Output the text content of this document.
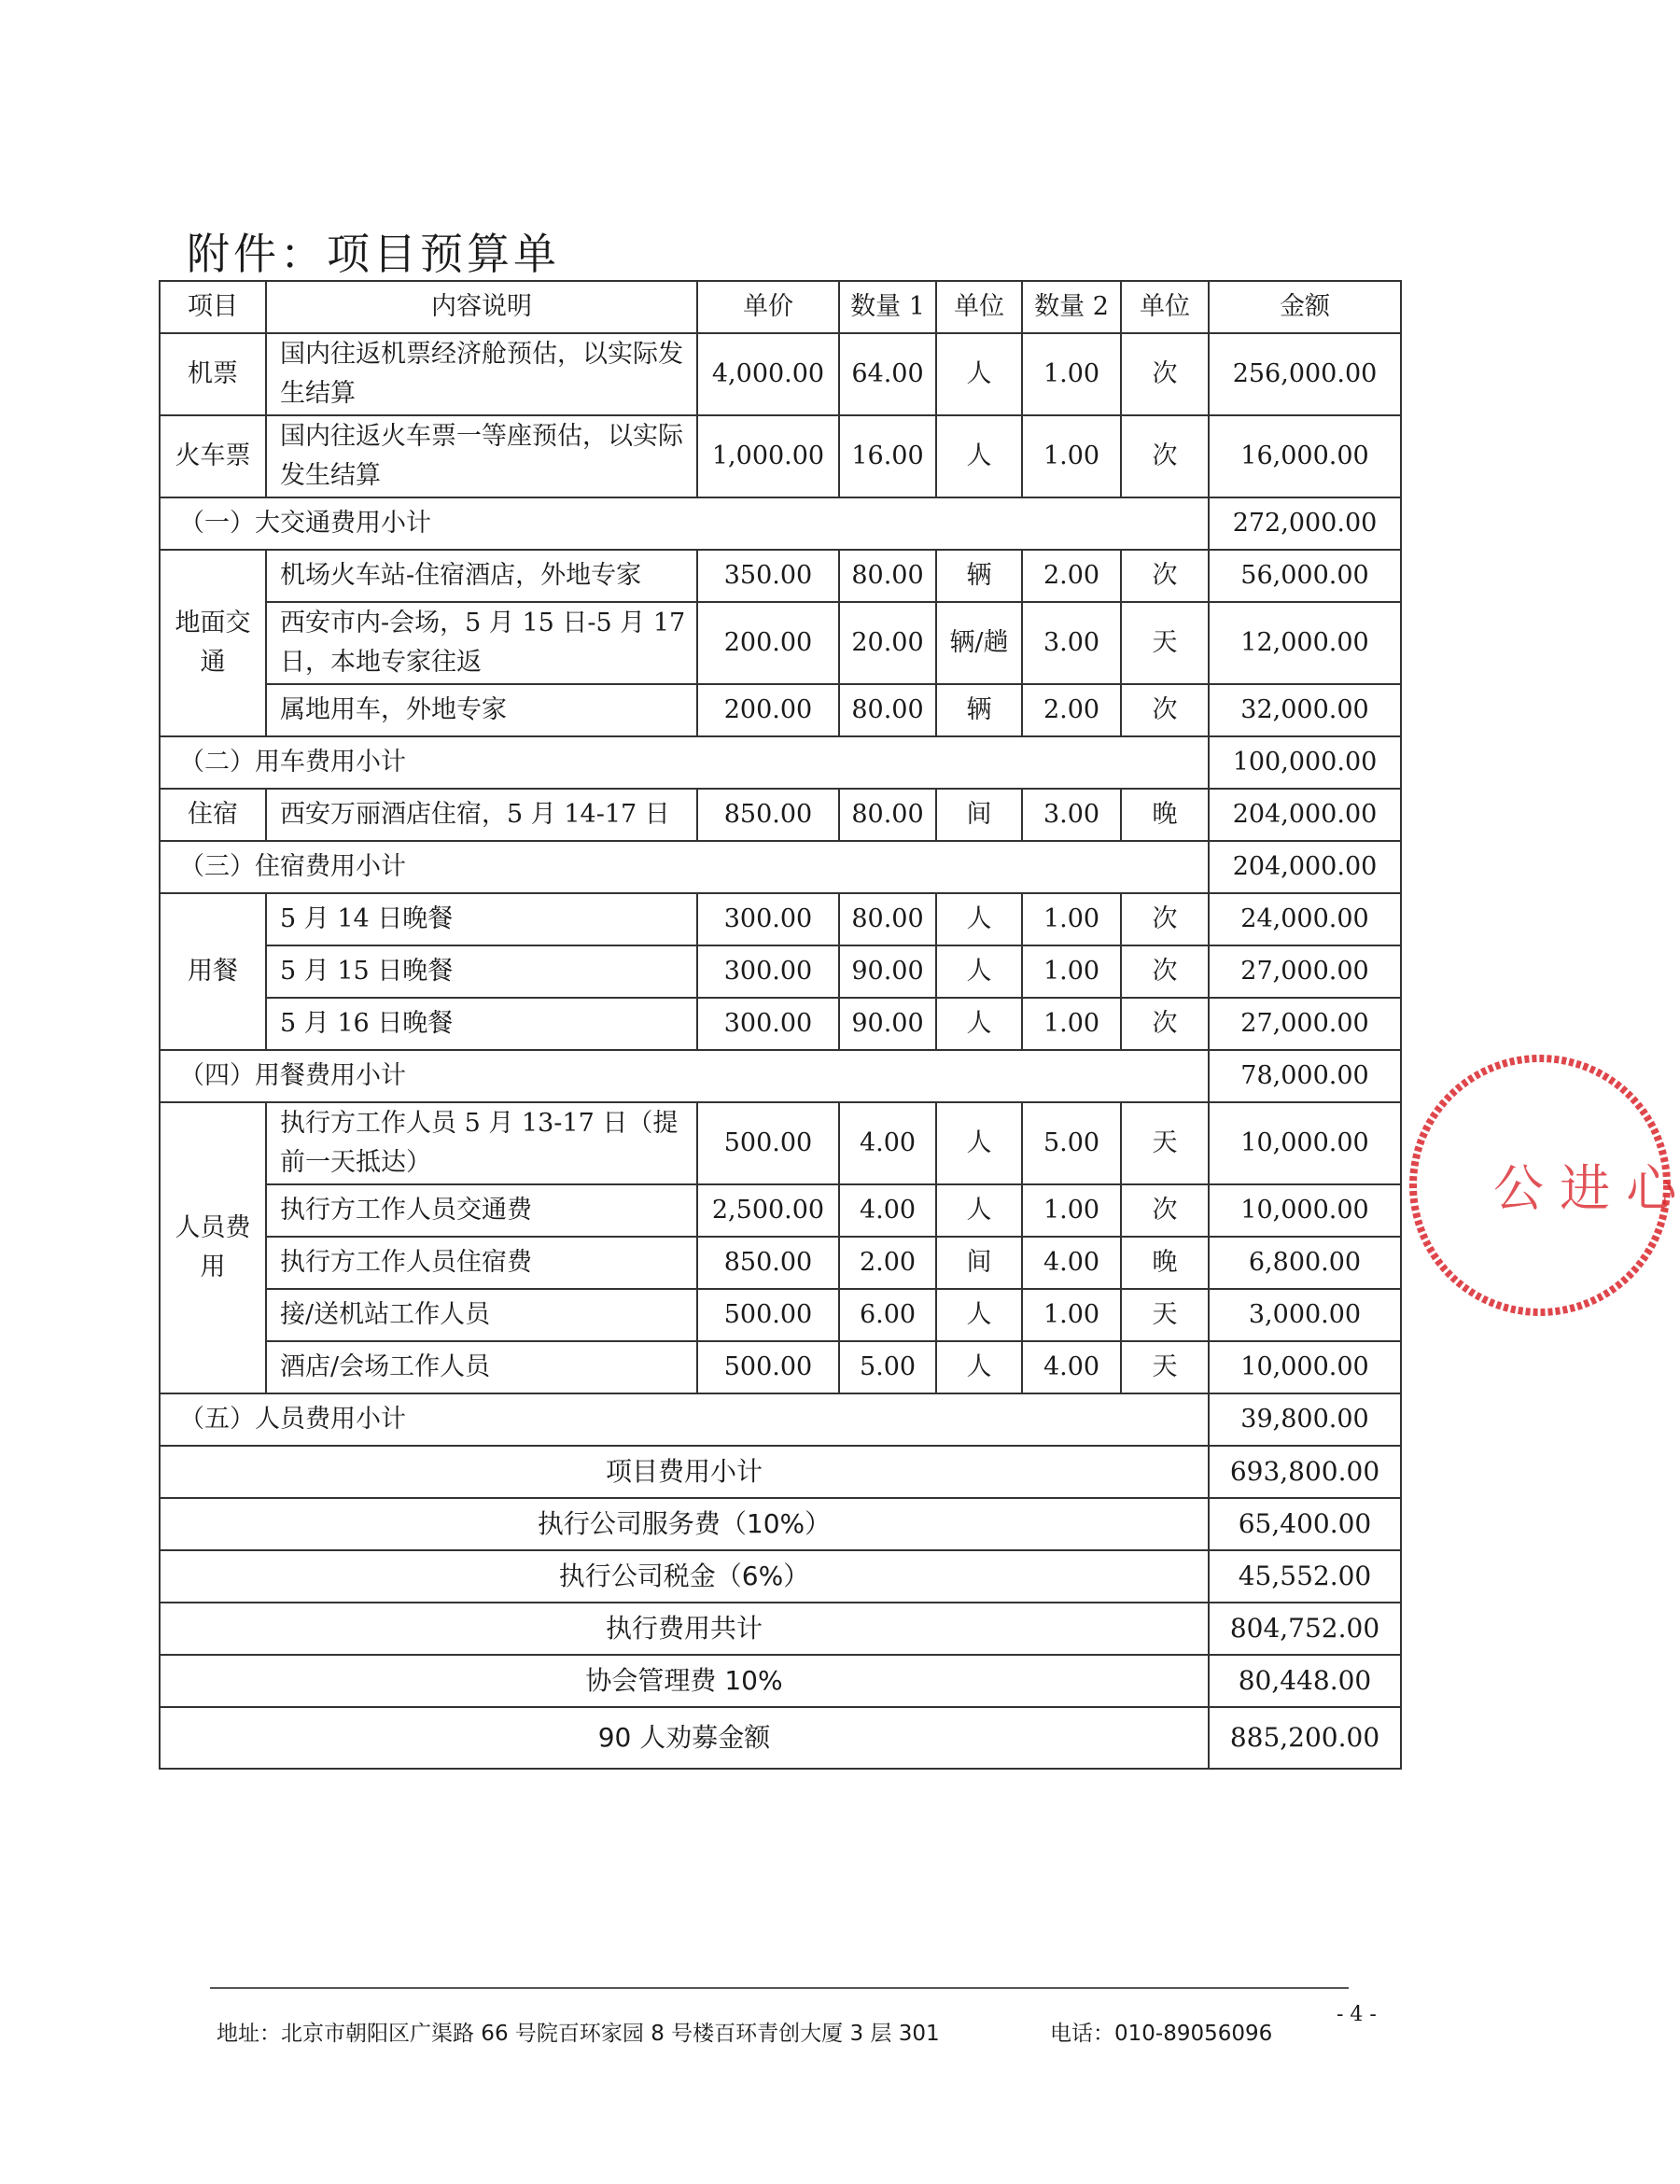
附件：项目预算单
项目	内容说明	单价	数量 1	单位	数量 2	单位	金额
机票	国内往返机票经济舱预估，以实际发生结算	4,000.00	64.00	人	1.00	次	256,000.00
火车票	国内往返火车票一等座预估，以实际发生结算	1,000.00	16.00	人	1.00	次	16,000.00
（一）大交通费用小计							272,000.00
地面交通	机场火车站-住宿酒店，外地专家	350.00	80.00	辆	2.00	次	56,000.00
	西安市内-会场，5 月 15 日-5 月 17 日，本地专家往返	200.00	20.00	辆/趟	3.00	天	12,000.00
	属地用车，外地专家	200.00	80.00	辆	2.00	次	32,000.00
（二）用车费用小计							100,000.00
住宿	西安万丽酒店住宿，5 月 14-17 日	850.00	80.00	间	3.00	晚	204,000.00
（三）住宿费用小计							204,000.00
用餐	5 月 14 日晚餐	300.00	80.00	人	1.00	次	24,000.00
	5 月 15 日晚餐	300.00	90.00	人	1.00	次	27,000.00
	5 月 16 日晚餐	300.00	90.00	人	1.00	次	27,000.00
（四）用餐费用小计							78,000.00
人员费用	执行方工作人员 5 月 13-17 日（提前一天抵达）	500.00	4.00	人	5.00	天	10,000.00
	执行方工作人员交通费	2,500.00	4.00	人	1.00	次	10,000.00
	执行方工作人员住宿费	850.00	2.00	间	4.00	晚	6,800.00
	接/送机站工作人员	500.00	6.00	人	1.00	天	3,000.00
	酒店/会场工作人员	500.00	5.00	人	4.00	天	10,000.00
（五）人员费用小计							39,800.00
项目费用小计							693,800.00
执行公司服务费（10%）							65,400.00
执行公司税金（6%）							45,552.00
执行费用共计							804,752.00
协会管理费 10%							80,448.00
90 人劝募金额							885,200.00
公 进 心
- 4 -
地址：北京市朝阳区广渠路 66 号院百环家园 8 号楼百环青创大厦 3 层 301	电话：010-89056096
